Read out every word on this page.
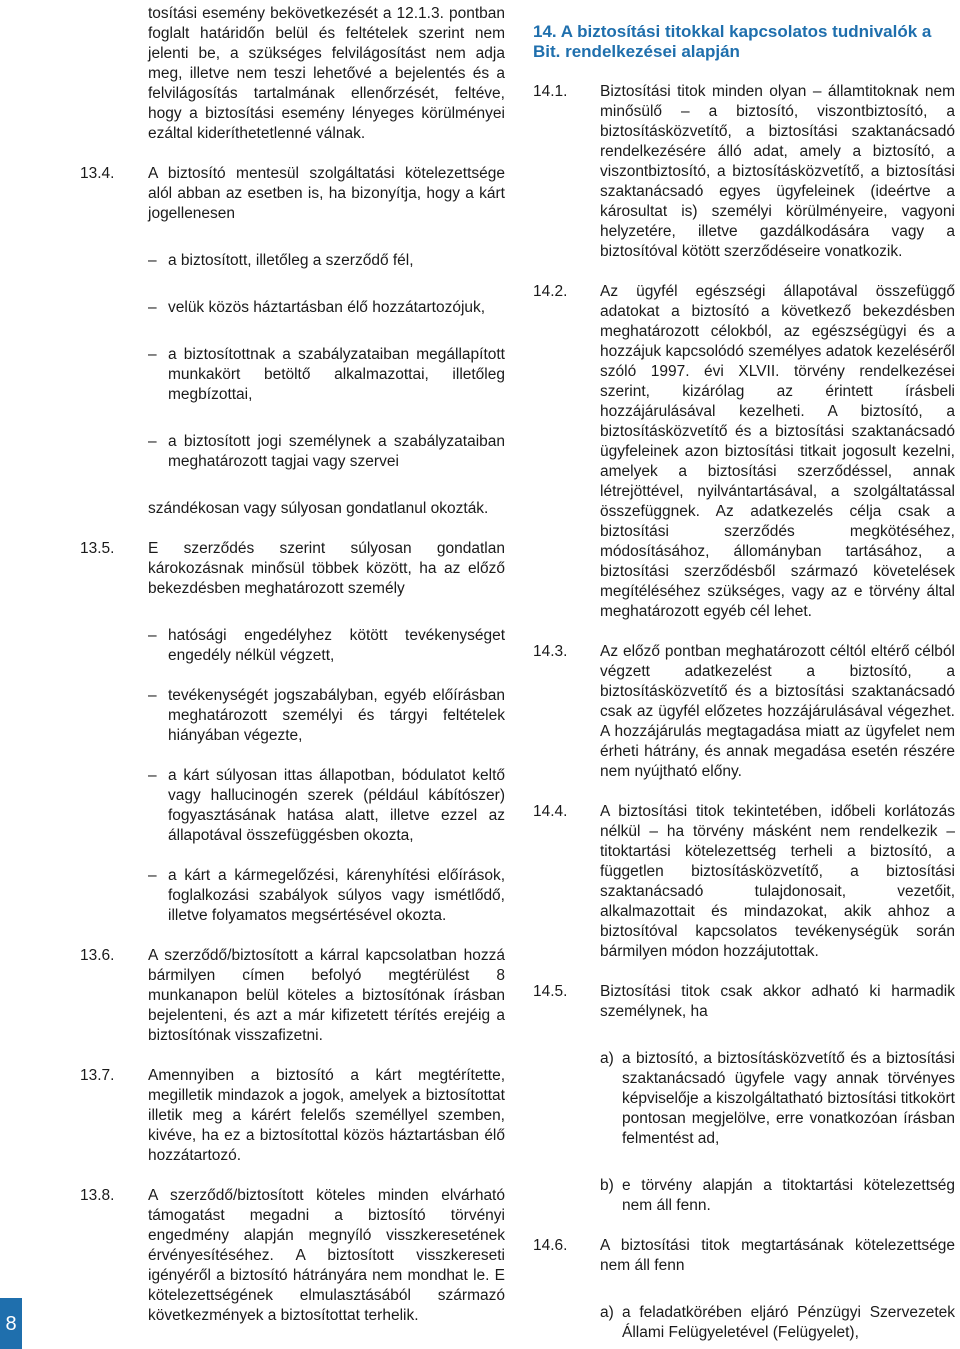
tosítási esemény bekövetkezését a 12.1.3. pontban foglalt határidőn belül és feltételek szerint nem jelenti be, a szükséges felvilágosítást nem adja meg, illetve nem teszi lehetővé a bejelentés és a felvilágosítás tartalmának ellenőrzését, feltéve, hogy a biztosítási esemény lényeges körülményei ezáltal kideríthetetlenné válnak.
13.4.	A biztosító mentesül szolgáltatási kötelezettsége alól abban az esetben is, ha bizonyítja, hogy a kárt jogellenesen
– a biztosított, illetőleg a szerződő fél,
– velük közös háztartásban élő hozzátartozójuk,
– a biztosítottnak a szabályzataiban megállapított munkakört betöltő alkalmazottai, illetőleg megbízottai,
– a biztosított jogi személynek a szabályzataiban meghatározott tagjai vagy szervei
szándékosan vagy súlyosan gondatlanul okozták.
13.5.	E szerződés szerint súlyosan gondatlan károkozásnak minősül többek között, ha az előző bekezdésben meghatározott személy
– hatósági engedélyhez kötött tevékenységet engedély nélkül végzett,
– tevékenységét jogszabályban, egyéb előírásban meghatározott személyi és tárgyi feltételek hiányában végezte,
– a kárt súlyosan ittas állapotban, bódulatot keltő vagy hallucinogén szerek (például kábítószer) fogyasztásának hatása alatt, illetve ezzel az állapotával összefüggésben okozta,
– a kárt a kármegelőzési, kárenyhítési előírások, foglalkozási szabályok súlyos vagy ismétlődő, illetve folyamatos megsértésével okozta.
13.6.	A szerződő/biztosított a kárral kapcsolatban hozzá bármilyen címen befolyó megtérülést 8 munkanapon belül köteles a biztosítónak írásban bejelenteni, és azt a már kifizetett térítés erejéig a biztosítónak visszafizetni.
13.7.	Amennyiben a biztosító a kárt megtérítette, megilletik mindazok a jogok, amelyek a biztosítottat illetik meg a kárért felelős személlyel szemben, kivéve, ha ez a biztosítottal közös háztartásban élő hozzátartozó.
13.8.	A szerződő/biztosított köteles minden elvárható támogatást megadni a biztosító törvényi engedmény alapján megnyíló visszkeresetének érvényesítéséhez. A biztosított visszkereseti igényéről a biztosító hátrányára nem mondhat le. E kötelezettségének elmulasztásából származó következmények a biztosítottat terhelik.
14. A biztosítási titokkal kapcsolatos tudnivalók a Bit. rendelkezései alapján
14.1.	Biztosítási titok minden olyan – államtitoknak nem minősülő – a biztosító, viszontbiztosító, a biztosításközvetítő, a biztosítási szaktanácsadó rendelkezésére álló adat, amely a biztosító, a viszontbiztosító, a biztosításközvetítő, a biztosítási szaktanácsadó egyes ügyfeleinek (ideértve a károsultat is) személyi körülményeire, vagyoni helyzetére, illetve gazdálkodására vagy a biztosítóval kötött szerződéseire vonatkozik.
14.2.	Az ügyfél egészségi állapotával összefüggő adatokat a biztosító a következő bekezdésben meghatározott célokból, az egészségügyi és a hozzájuk kapcsolódó személyes adatok kezeléséről szóló 1997. évi XLVII. törvény rendelkezései szerint, kizárólag az érintett írásbeli hozzájárulásával kezelheti. A biztosító, a biztosításközvetítő és a biztosítási szaktanácsadó ügyfeleinek azon biztosítási titkait jogosult kezelni, amelyek a biztosítási szerződéssel, annak létrejöttével, nyilvántartásával, a szolgáltatással összefüggnek. Az adatkezelés célja csak a biztosítási szerződés megkötéséhez, módosításához, állományban tartásához, a biztosítási szerződésből származó követelések megítéléséhez szükséges, vagy az e törvény által meghatározott egyéb cél lehet.
14.3.	Az előző pontban meghatározott céltól eltérő célból végzett adatkezelést a biztosító, a biztosításközvetítő és a biztosítási szaktanácsadó csak az ügyfél előzetes hozzájárulásával végezhet. A hozzájárulás megtagadása miatt az ügyfelet nem érheti hátrány, és annak megadása esetén részére nem nyújtható előny.
14.4.	A biztosítási titok tekintetében, időbeli korlátozás nélkül – ha törvény másként nem rendelkezik – titoktartási kötelezettség terheli a biztosító, a független biztosításközvetítő, a biztosítási szaktanácsadó tulajdonosait, vezetőit, alkalmazottait és mindazokat, akik ahhoz a biztosítóval kapcsolatos tevékenységük során bármilyen módon hozzájutottak.
14.5.	Biztosítási titok csak akkor adható ki harmadik személynek, ha
a) a biztosító, a biztosításközvetítő és a biztosítási szaktanácsadó ügyfele vagy annak törvényes képviselője a kiszolgáltatható biztosítási titkokört pontosan megjelölve, erre vonatkozóan írásban felmentést ad,
b) e törvény alapján a titoktartási kötelezettség nem áll fenn.
14.6.	A biztosítási titok megtartásának kötelezettsége nem áll fenn
a) a feladatkörében eljáró Pénzügyi Szervezetek Állami Felügyeletével (Felügyelet),
8
